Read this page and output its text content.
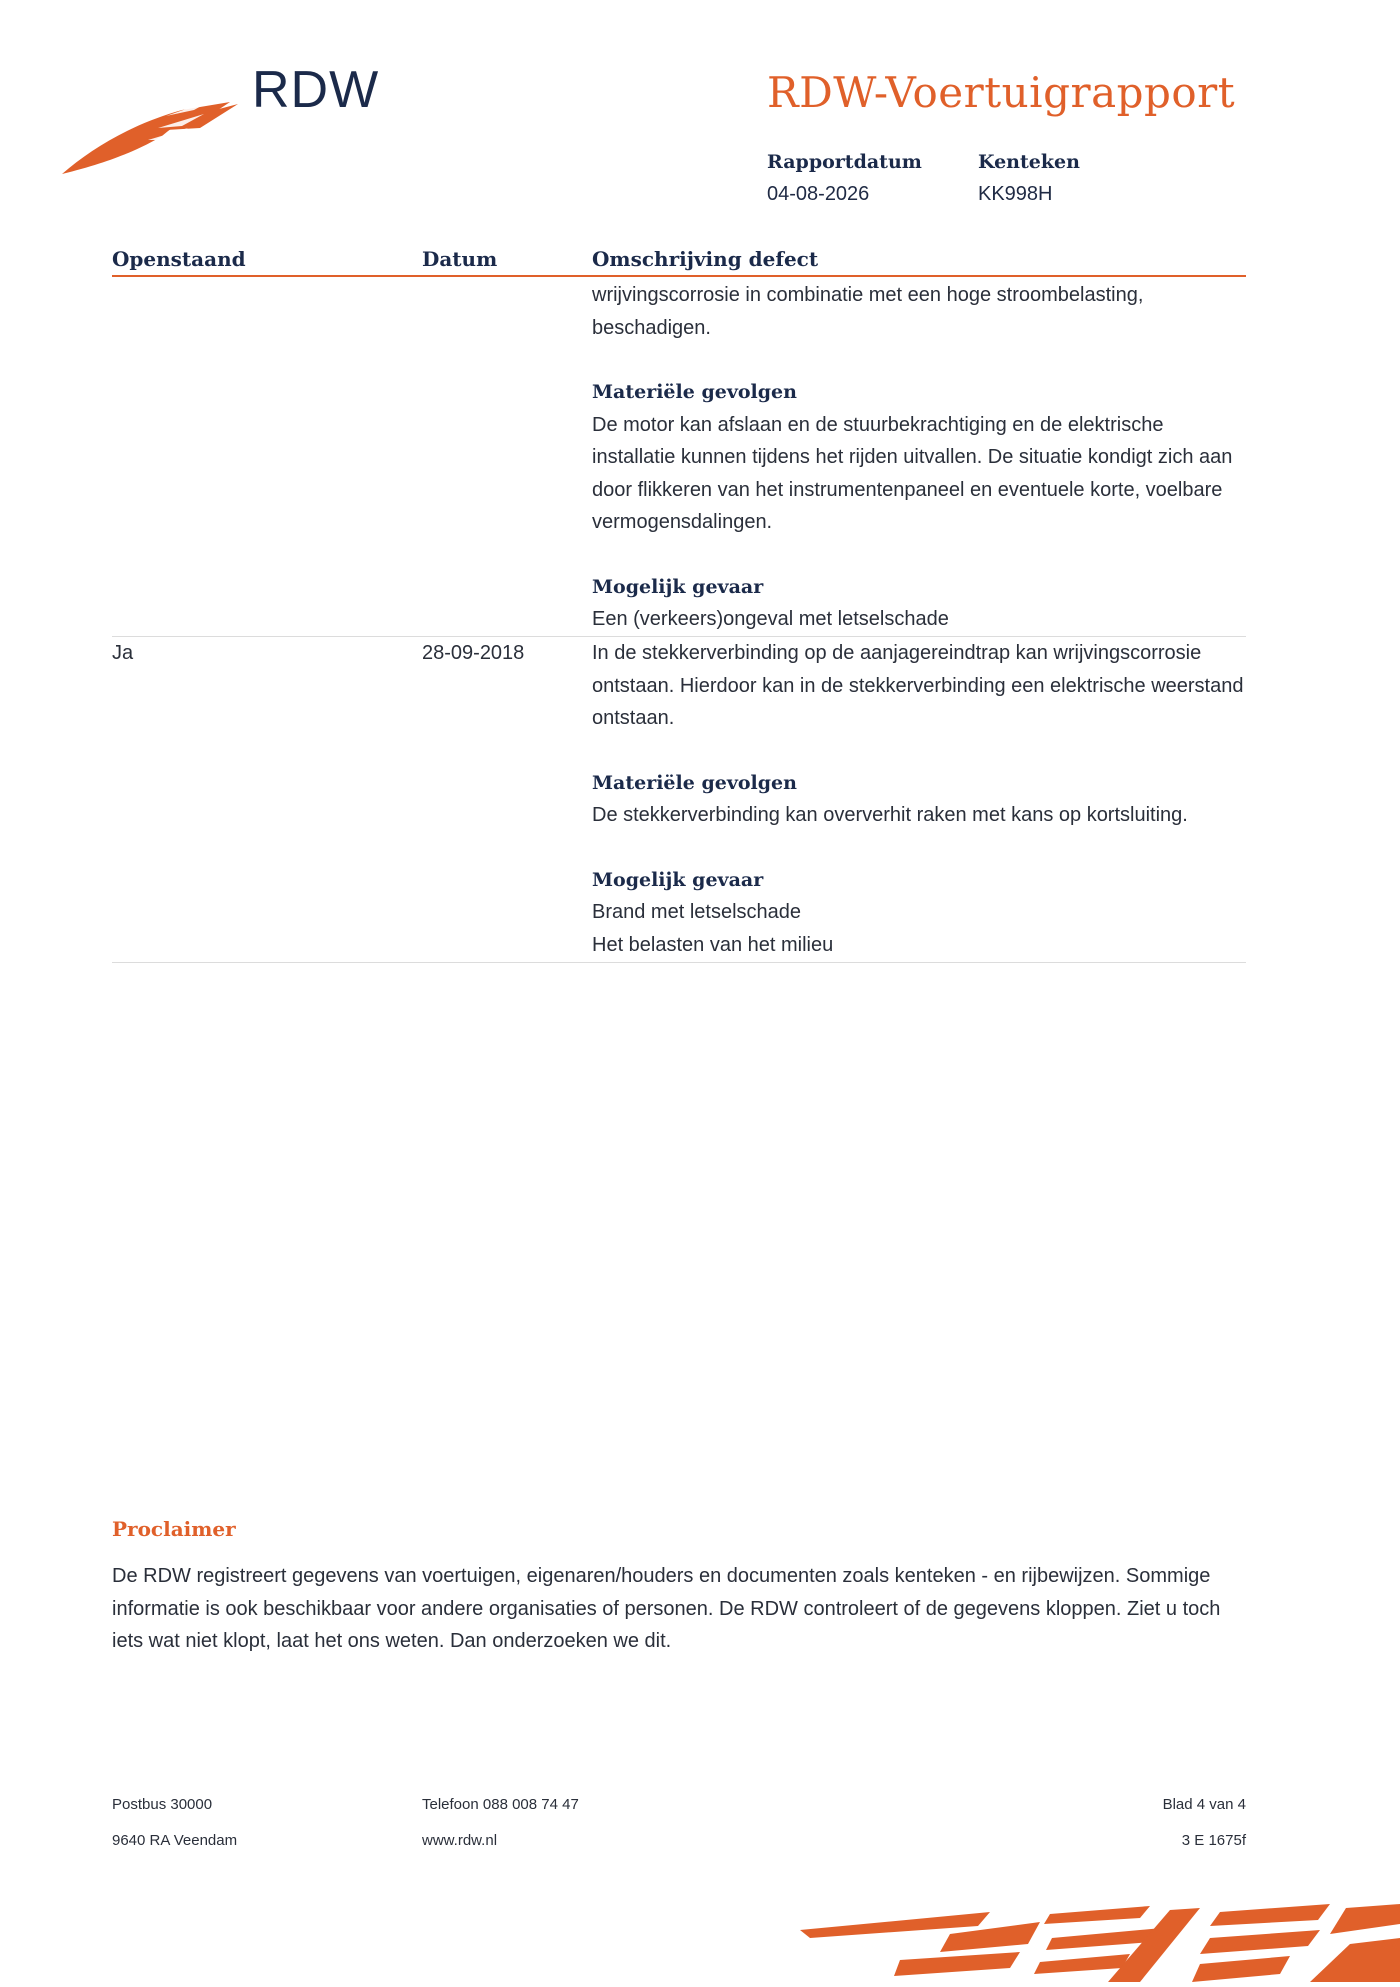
RDW	RDW-Voertuigrapport
Rapportdatum
04-08-2026
Kenteken
KK998H
Openstaand	Datum	Omschrijving defect

wrijvingscorrosie in combinatie met een hoge stroombelasting, beschadigen.

Materiële gevolgen

De motor kan afslaan en de stuurbekrachtiging en de elektrische installatie kunnen tijdens het rijden uitvallen. De situatie kondigt zich aan door flikkeren van het instrumentenpaneel en eventuele korte, voelbare vermogensdalingen.

Mogelijk gevaar

Een (verkeers)ongeval met letselschade

Ja	28-09-2018	In de stekkerverbinding op de aanjagereindtrap kan wrijvingscorrosie ontstaan. Hierdoor kan in de stekkerverbinding een elektrische weerstand ontstaan.

Materiële gevolgen

De stekkerverbinding kan oververhit raken met kans op kortsluiting.

Mogelijk gevaar

Brand met letselschade

Het belasten van het milieu

Proclaimer
De RDW registreert gegevens van voertuigen, eigenaren/houders en documenten zoals kenteken - en rijbewijzen. Sommige informatie is ook beschikbaar voor andere organisaties of personen. De RDW controleert of de gegevens kloppen. Ziet u toch iets wat niet klopt, laat het ons weten. Dan onderzoeken we dit.
Postbus 30000
9640 RA Veendam
Telefoon 088 008 74 47
www.rdw.nl
Blad 4 van 4
3 E 1675f
